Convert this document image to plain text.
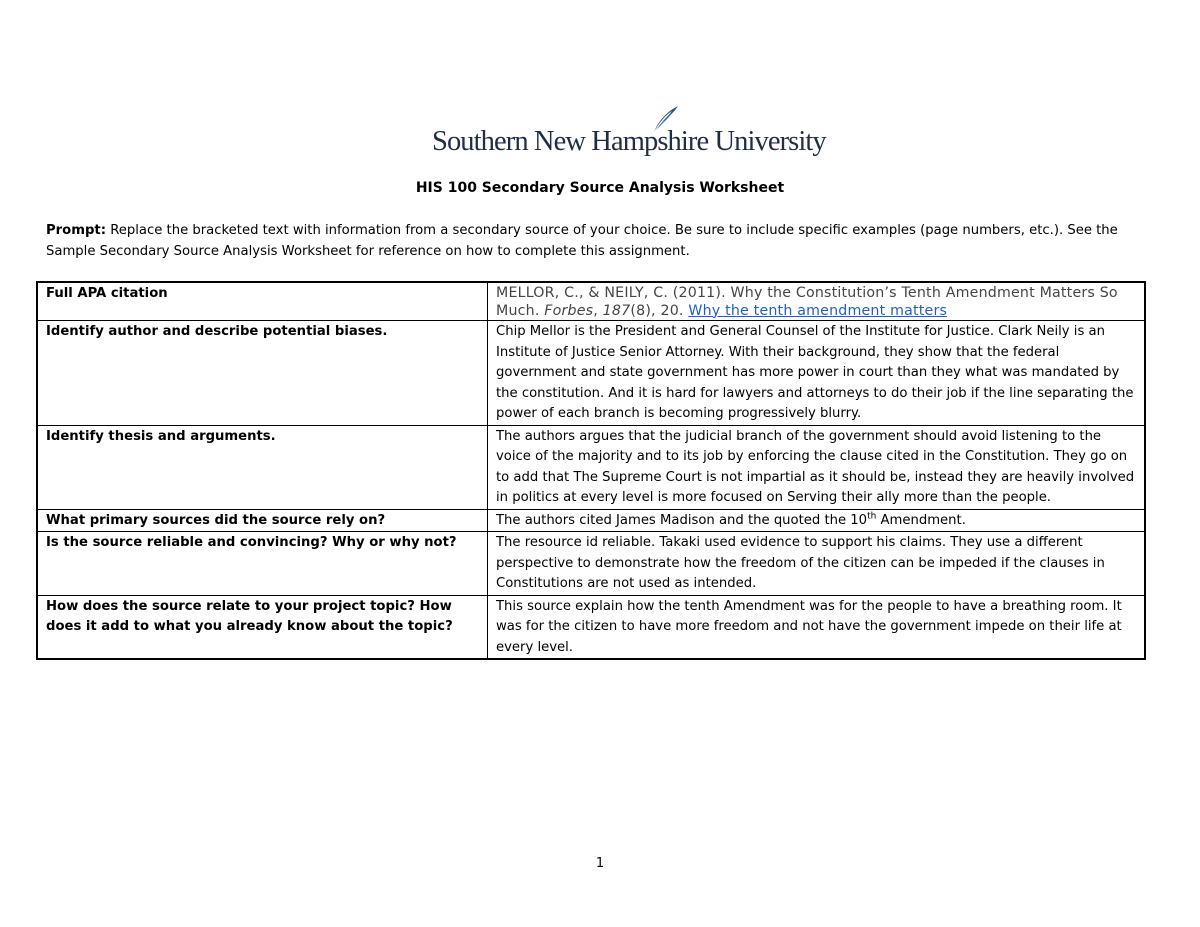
Southern New Hampshire University
HIS 100 Secondary Source Analysis Worksheet
Prompt: Replace the bracketed text with information from a secondary source of your choice. Be sure to include specific examples (page numbers, etc.). See the Sample Secondary Source Analysis Worksheet for reference on how to complete this assignment.
Full APA citation	MELLOR, C., & NEILY, C. (2011). Why the Constitution’s Tenth Amendment Matters So Much. Forbes, 187(8), 20. Why the tenth amendment matters

Identify author and describe potential biases.	Chip Mellor is the President and General Counsel of the Institute for Justice. Clark Neily is an Institute of Justice Senior Attorney. With their background, they show that the federal government and state government has more power in court than they what was mandated by the constitution. And it is hard for lawyers and attorneys to do their job if the line separating the power of each branch is becoming progressively blurry.
Identify thesis and arguments.	The authors argues that the judicial branch of the government should avoid listening to the voice of the majority and to its job by enforcing the clause cited in the Constitution. They go on to add that The Supreme Court is not impartial as it should be, instead they are heavily involved in politics at every level is more focused on Serving their ally more than the people.
What primary sources did the source rely on?	The authors cited James Madison and the quoted the 10th Amendment.
Is the source reliable and convincing? Why or why not?	The resource id reliable. Takaki used evidence to support his claims. They use a different perspective to demonstrate how the freedom of the citizen can be impeded if the clauses in Constitutions are not used as intended.
How does the source relate to your project topic? How does it add to what you already know about the topic?	This source explain how the tenth Amendment was for the people to have a breathing room. It was for the citizen to have more freedom and not have the government impede on their life at every level.
1
